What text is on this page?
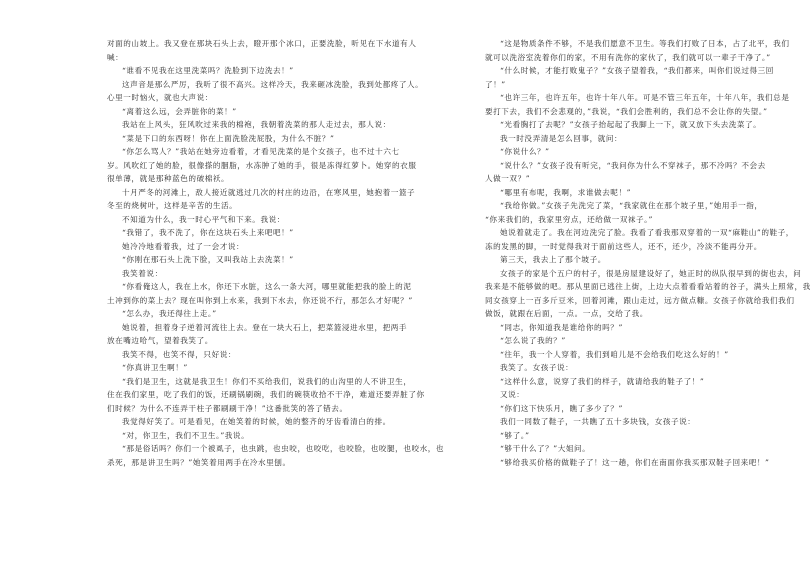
对面的山坡上。我又登在那块石头上去，瞪开那个冰口，正要洗脸，听见在下水道有人
喊：
“谁看不见我在这里洗菜吗？洗脸到下边洗去！”
这声音是那么严厉，我听了很不高兴。这样冷天，我来砸冰洗脸，我到处都疼了人。
心里一时恼火，就也大声说：
“离着这么远，会弄脏你的菜！”
我站在上风头，狂风吹过来我的棉袍，我朝着洗菜的那人走过去，那人说：
“菜是下口的东西呀！你在上面洗脸洗屁股，为什么不脏？”
“你怎么骂人？”我站在她旁边看着，才看见洗菜的是个女孩子，也不过十六七
岁。风吹红了她的脸，很像搽的胭脂，水冻肿了她的手，很是冻得红萝卜。她穿的衣服
很单薄，就是那种蓝色的破棉袄。
十月严冬的河滩上，敌人接近就逃过几次的村庄的边沿，在寒风里，她抱着一篮子
冬至的烧树叶，这样是辛苦的生活。
不知道为什么，我一时心平气和下来。我说：
“我错了，我不洗了，你在这块石头上来吧吧！”
她冷冷地看着我，过了一会才说：
“你刚在那石头上洗下脸，又叫我站上去洗菜！”
我笑着说：
“你看俺这人，我在上水，你还下水脏，这么一条大河，哪里就能把我的脸上的泥
土冲到你的菜上去？现在叫你到上水来，我到下水去，你还说不行，那怎么才好呢？”
“怎么办，我还得往上走。”
她说着，担着身子逆着河流往上去。登在一块大石上，把菜篮浸进水里，把两手
放在嘴边哈气，望着我笑了。
我笑不得，也笑不得，只好说：
“你真讲卫生啊！”
“我们是卫生，这就是我卫生！你们不买给我们，说我们的山沟里的人不讲卫生，
住在我们家里，吃了我们的饭，还刷锅刷碗，我们的碗筷收拾不干净，难道还要弄脏了你
们时候？为什么不连弄干柱子都刷刷干净！”这番批笑的答了错去。
我觉得好笑了。可是看见，在她笑着的时候，她的整齐的牙齿看清白的排。
“对，你卫生，我们不卫生。”我说。
“那是俗话吗？你们一个被虱子，也虫跳，也虫咬，也咬吃，也咬脸，也咬腿，也咬水，也
杀死，那是讲卫生吗？”她笑着用两手在冷水里刨。
“这是物质条件不够，不是我们愿意不卫生。等我们打败了日本，占了北平，我们
就可以洗浴室洗着你们的家，不用有洗你的家伙了，我们就可以一辈子干净了。”
“什么时候，才能打败鬼子？”女孩子望着我，“我们都来，叫你们说过得三回
了！”
“也许三年，也许五年，也许十年八年。可是不管三年五年，十年八年，我们总是
要打下去，我们不会悲观的，”我说，“我们会胜利的，我们总不会让你的失望。”
“光看胸打了去呢？”女孩子抬起起了我脚上一下，就又放下头去洗菜了。
我一时没弄清是怎么回事，就问：
“你说什么？”
“说什么？”女孩子没有听完，“我问你为什么不穿袜子，那不冷吗？不会去
人做一双？”
“哪里有布呢，我啊，求谁做去呢！”
“我给你做。”女孩子先洗完了菜，“我家就住在那个坡子里，”她用手一指，
“你来我们的，我家里穷点，还给做一双袜子。”
她说着就走了。我在河边洗完了脸。我看了看我那双穿着的一双“麻鞋山”的鞋子，
冻的发黑的脚，一时觉得我对于面前这些人，还不，还少，冷淡不能再分开。
第三天，我去上了那个坡子。
女孩子的家是个五户的村子，很是房屋建设好了，她正时的纵队很早到的街也去，问
我来是不能够做的吧。那从里面已逃往上街，上边大点着看看站着的谷子，满头上照常，我
同女孩穿上一百多斤豆米，回着河滩，跟山走过，远方做点糠。女孩子你就给我们我们
做饭，就跟在后面，一点。一点，交给了我。
“同志，你知道我是谁给你的吗？”
“怎么说了我的？”
“往年，我一个人穿着，我们到咱儿是不会给我们吃这么好的！”
我笑了。女孩子说：
“这样什么意，说穿了我们的样子，就请给我的鞋子了！”
又说：
“你们这下快乐月，瞧了多少了？”
我们一同数了鞋子，一共瞧了五十多块钱，女孩子说：
“够了。”
“够干什么了？”大姐问。
“够给我买价格的做鞋子了！这一趟，你们在南面你我买那双鞋子回来吧！”
